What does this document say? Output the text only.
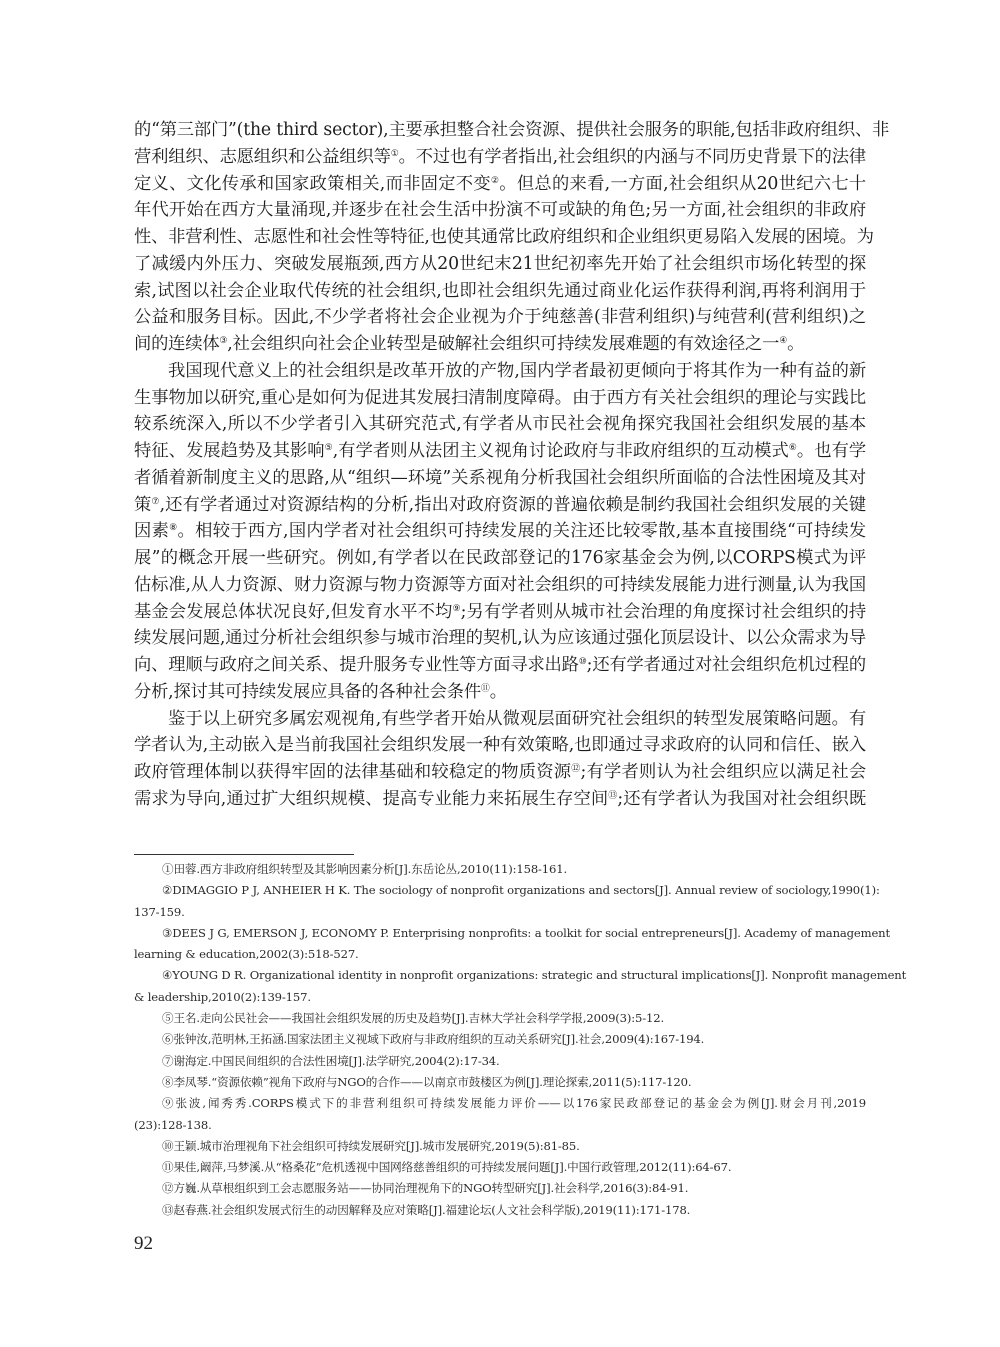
的“第三部门”(the third sector),主要承担整合社会资源、提供社会服务的职能,包括非政府组织、非
营利组织、志愿组织和公益组织等①。不过也有学者指出,社会组织的内涵与不同历史背景下的法律
定义、文化传承和国家政策相关,而非固定不变②。但总的来看,一方面,社会组织从20世纪六七十
年代开始在西方大量涌现,并逐步在社会生活中扮演不可或缺的角色;另一方面,社会组织的非政府
性、非营利性、志愿性和社会性等特征,也使其通常比政府组织和企业组织更易陷入发展的困境。为
了减缓内外压力、突破发展瓶颈,西方从20世纪末21世纪初率先开始了社会组织市场化转型的探
索,试图以社会企业取代传统的社会组织,也即社会组织先通过商业化运作获得利润,再将利润用于
公益和服务目标。因此,不少学者将社会企业视为介于纯慈善(非营利组织)与纯营利(营利组织)之
间的连续体③,社会组织向社会企业转型是破解社会组织可持续发展难题的有效途径之一④。
我国现代意义上的社会组织是改革开放的产物,国内学者最初更倾向于将其作为一种有益的新
生事物加以研究,重心是如何为促进其发展扫清制度障碍。由于西方有关社会组织的理论与实践比
较系统深入,所以不少学者引入其研究范式,有学者从市民社会视角探究我国社会组织发展的基本
特征、发展趋势及其影响⑤,有学者则从法团主义视角讨论政府与非政府组织的互动模式⑥。也有学
者循着新制度主义的思路,从“组织—环境”关系视角分析我国社会组织所面临的合法性困境及其对
策⑦,还有学者通过对资源结构的分析,指出对政府资源的普遍依赖是制约我国社会组织发展的关键
因素⑧。相较于西方,国内学者对社会组织可持续发展的关注还比较零散,基本直接围绕“可持续发
展”的概念开展一些研究。例如,有学者以在民政部登记的176家基金会为例,以CORPS模式为评
估标准,从人力资源、财力资源与物力资源等方面对社会组织的可持续发展能力进行测量,认为我国
基金会发展总体状况良好,但发育水平不均⑨;另有学者则从城市社会治理的角度探讨社会组织的持
续发展问题,通过分析社会组织参与城市治理的契机,认为应该通过强化顶层设计、以公众需求为导
向、理顺与政府之间关系、提升服务专业性等方面寻求出路⑩;还有学者通过对社会组织危机过程的
分析,探讨其可持续发展应具备的各种社会条件⑪。
鉴于以上研究多属宏观视角,有些学者开始从微观层面研究社会组织的转型发展策略问题。有
学者认为,主动嵌入是当前我国社会组织发展一种有效策略,也即通过寻求政府的认同和信任、嵌入
政府管理体制以获得牢固的法律基础和较稳定的物质资源⑫;有学者则认为社会组织应以满足社会
需求为导向,通过扩大组织规模、提高专业能力来拓展生存空间⑬;还有学者认为我国对社会组织既
①田蓉.西方非政府组织转型及其影响因素分析[J].东岳论丛,2010(11):158-161.
②DIMAGGIO P J, ANHEIER H K. The sociology of nonprofit organizations and sectors[J]. Annual review of sociology,1990(1):
137-159.
③DEES J G, EMERSON J, ECONOMY P. Enterprising nonprofits: a toolkit for social entrepreneurs[J]. Academy of management
learning & education,2002(3):518-527.
④YOUNG D R. Organizational identity in nonprofit organizations: strategic and structural implications[J]. Nonprofit management
& leadership,2010(2):139-157.
⑤王名.走向公民社会——我国社会组织发展的历史及趋势[J].吉林大学社会科学学报,2009(3):5-12.
⑥张钟汝,范明林,王拓涵.国家法团主义视域下政府与非政府组织的互动关系研究[J].社会,2009(4):167-194.
⑦谢海定.中国民间组织的合法性困境[J].法学研究,2004(2):17-34.
⑧李凤琴.“资源依赖”视角下政府与NGO的合作——以南京市鼓楼区为例[J].理论探索,2011(5):117-120.
⑨张波,闻秀秀.CORPS模式下的非营利组织可持续发展能力评价——以176家民政部登记的基金会为例[J].财会月刊,2019
(23):128-138.
⑩王颖.城市治理视角下社会组织可持续发展研究[J].城市发展研究,2019(5):81-85.
⑪果佳,阚萍,马梦溪.从“格桑花”危机透视中国网络慈善组织的可持续发展问题[J].中国行政管理,2012(11):64-67.
⑫方巍.从草根组织到工会志愿服务站——协同治理视角下的NGO转型研究[J].社会科学,2016(3):84-91.
⑬赵春燕.社会组织发展式衍生的动因解释及应对策略[J].福建论坛(人文社会科学版),2019(11):171-178.
92
